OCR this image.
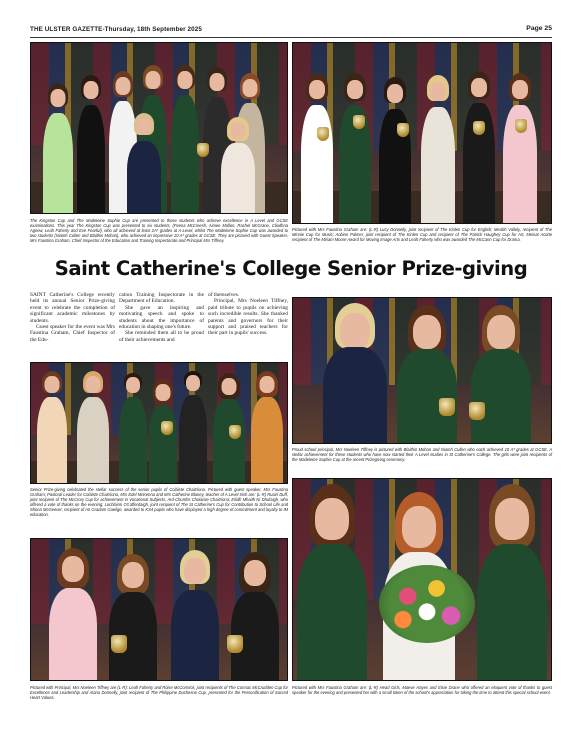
THE ULSTER GAZETTE-Thursday, 18th September 2025	Page 25
The Kingston Cup and The Madeleine Sophie Cup are presented to those students who achieve excellence in A Level and GCSE examinations. This year The Kingston Cup was presented to six students, (Feena McCreesh, Aimee Mallon, Rachel McGrane, Cliodhna Agnew, Leah Faherty and Eve Fearful), who all achieved at least 2A* grades at A-Level, whilst The Madeleine Sophie Cup was awarded to two students (Niamh Cullen and Blaithin Mohan), who achieved an impressive 10 A* grades at GCSE. They are pictured with Guest Speaker, Mrs Faustina Graham, Chief Inspector of the Education and Training Inspectorate and Principal Mrs Tiffney.
Pictured with Mrs Faustina Graham are: (L-R) Lucy Donnelly, joint recipient of The Kinlen Cup for English; Meabh Vallely, recipient of The Minnie Cup for Music; Aobinn Palmer, joint recipient of The Kinlen Cup and recipient of The Patrick Haughey Cup for Art, Meinat Acotte recipient of The Miriam Moore Award for Moving Image Arts and Leah Faherty who was awarded The McCann Cup for Drama.
Saint Catherine's College Senior Prize-giving

SAINT Catherine's College recently held its annual Senior Prize-giving event to celebrate the completion of significant academic milestones by students.

Guest speaker for the event was Mrs Faustina Graham, Chief Inspector of the Edu-

cation Training Inspectorate in the Department of Education.

She gave an inspiring and motivating speech and spoke to students about the importance of education in shaping one's future.

She reminded them all to be proud of their achievements and

of themselves.

Principal, Mrs Noeleen Tiffney, paid tribute to pupils on achieving such incredible results. She thanked parents and governors for their support and praised teachers for their part in pupils' success.

Proud school principal, Mrs Noeleen Tiffney is pictured with Blaithin Mohan and Niamh Cullen who each achieved 10 A* grades at GCSE. A stellar achievement for these students who have now started their A Level studies in St Catherine's College. The girls were joint recipients of the Madeleine Sophie Cup at the recent Prizegiving ceremony.
Senior Prize-giving celebrated the stellar success of the senior pupils of Coláiste Chaitríona. Pictured with guest speaker, Mrs Faustina Graham; Pastoral Leader for Coláiste Chaitríona, Mrs Edel McKenna and Mrs Catherine Blaney, teacher of A Level Irish are: (L-R) Ruairí Duff, joint recipient of The McCrory Cup for achievement in Vocational Subjects, Ard-Chumhs Cholaiste Chaitríona; Eilidh Mhaith Ní Dhufaigh, who offered a vote of thanks on the evening; Lochlainn O'Lafferdaigh, joint recipient of The St Catherine's Cup for Contribution to School Life and Shona McGeever, recipient of An Gradam Gaeilge, awarded to KS4 pupils who have displayed a high degree of commitment and loyalty to IM education.
Pictured with Principal, Mrs Noeleen Tiffney are (L-R): Leah Faherty and Róise McCormick, joint recipients of The Cormac McCrudden Cup for Excellence and Leadership and Alana Donnelly, joint recipient of The Philippine Duchesne Cup, presented for the Personification of Sacred Heart Values.
Pictured with Mrs Faustina Graham are: (L-R) Head Girls, Maeve Hayes and Elsie Drane who offered an eloquent vote of thanks to guest speaker for the evening and presented her with a small token of the school's appreciation for taking the time to attend this special school event.
